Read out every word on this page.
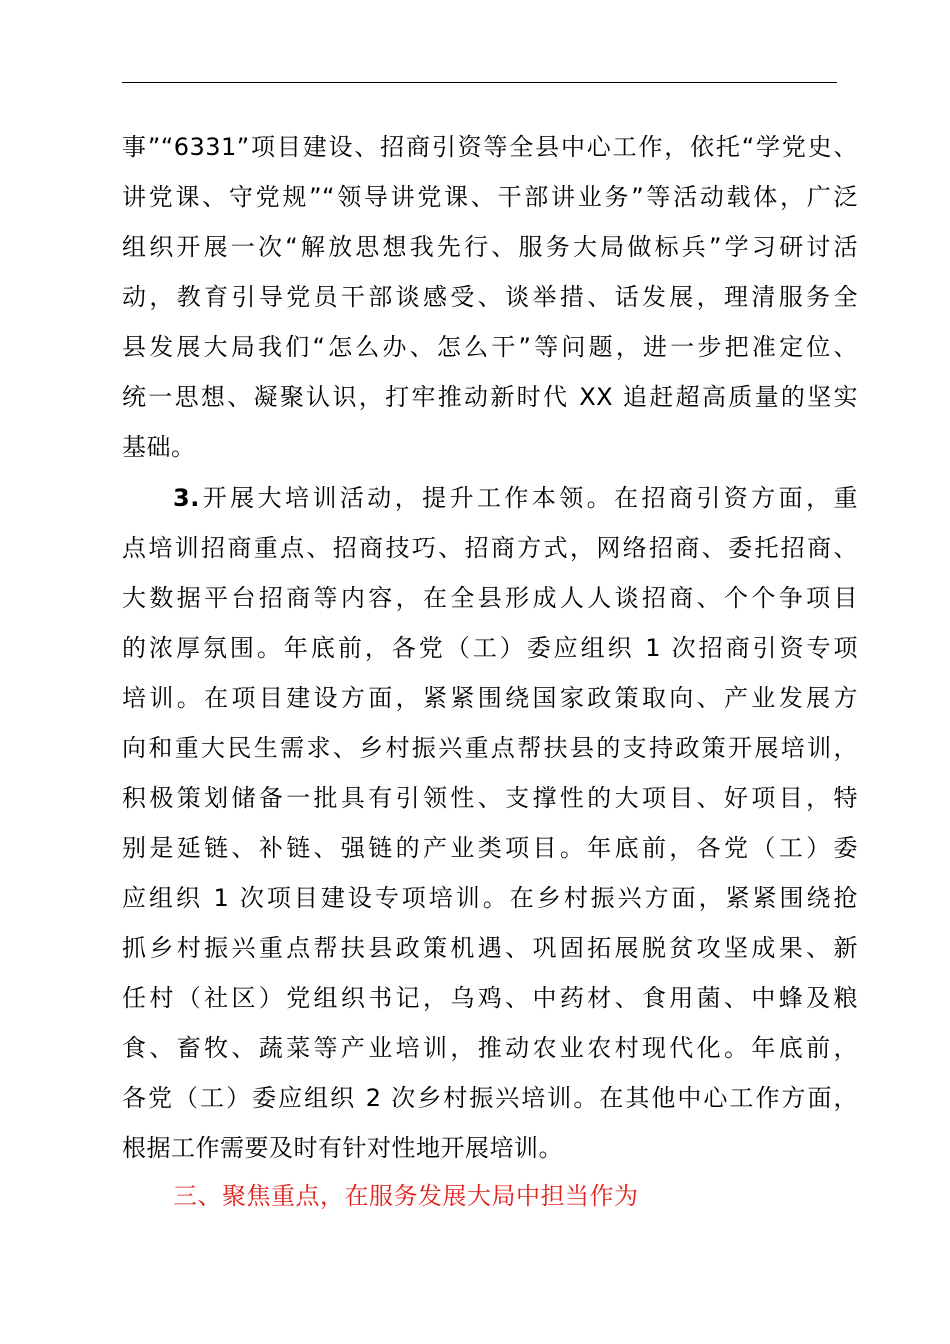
事”“6331”项目建设、招商引资等全县中心工作，依托“学党史、
讲党课、守党规”“领导讲党课、干部讲业务”等活动载体，广泛
组织开展一次“解放思想我先行、服务大局做标兵”学习研讨活
动，教育引导党员干部谈感受、谈举措、话发展，理清服务全
县发展大局我们“怎么办、怎么干”等问题，进一步把准定位、
统一思想、凝聚认识，打牢推动新时代 XX 追赶超高质量的坚实
基础。
3.开展大培训活动，提升工作本领。在招商引资方面，重
点培训招商重点、招商技巧、招商方式，网络招商、委托招商、
大数据平台招商等内容，在全县形成人人谈招商、个个争项目
的浓厚氛围。年底前，各党（工）委应组织 1 次招商引资专项
培训。在项目建设方面，紧紧围绕国家政策取向、产业发展方
向和重大民生需求、乡村振兴重点帮扶县的支持政策开展培训，
积极策划储备一批具有引领性、支撑性的大项目、好项目，特
别是延链、补链、强链的产业类项目。年底前，各党（工）委
应组织 1 次项目建设专项培训。在乡村振兴方面，紧紧围绕抢
抓乡村振兴重点帮扶县政策机遇、巩固拓展脱贫攻坚成果、新
任村（社区）党组织书记，乌鸡、中药材、食用菌、中蜂及粮
食、畜牧、蔬菜等产业培训，推动农业农村现代化。年底前，
各党（工）委应组织 2 次乡村振兴培训。在其他中心工作方面，
根据工作需要及时有针对性地开展培训。
三、聚焦重点，在服务发展大局中担当作为
